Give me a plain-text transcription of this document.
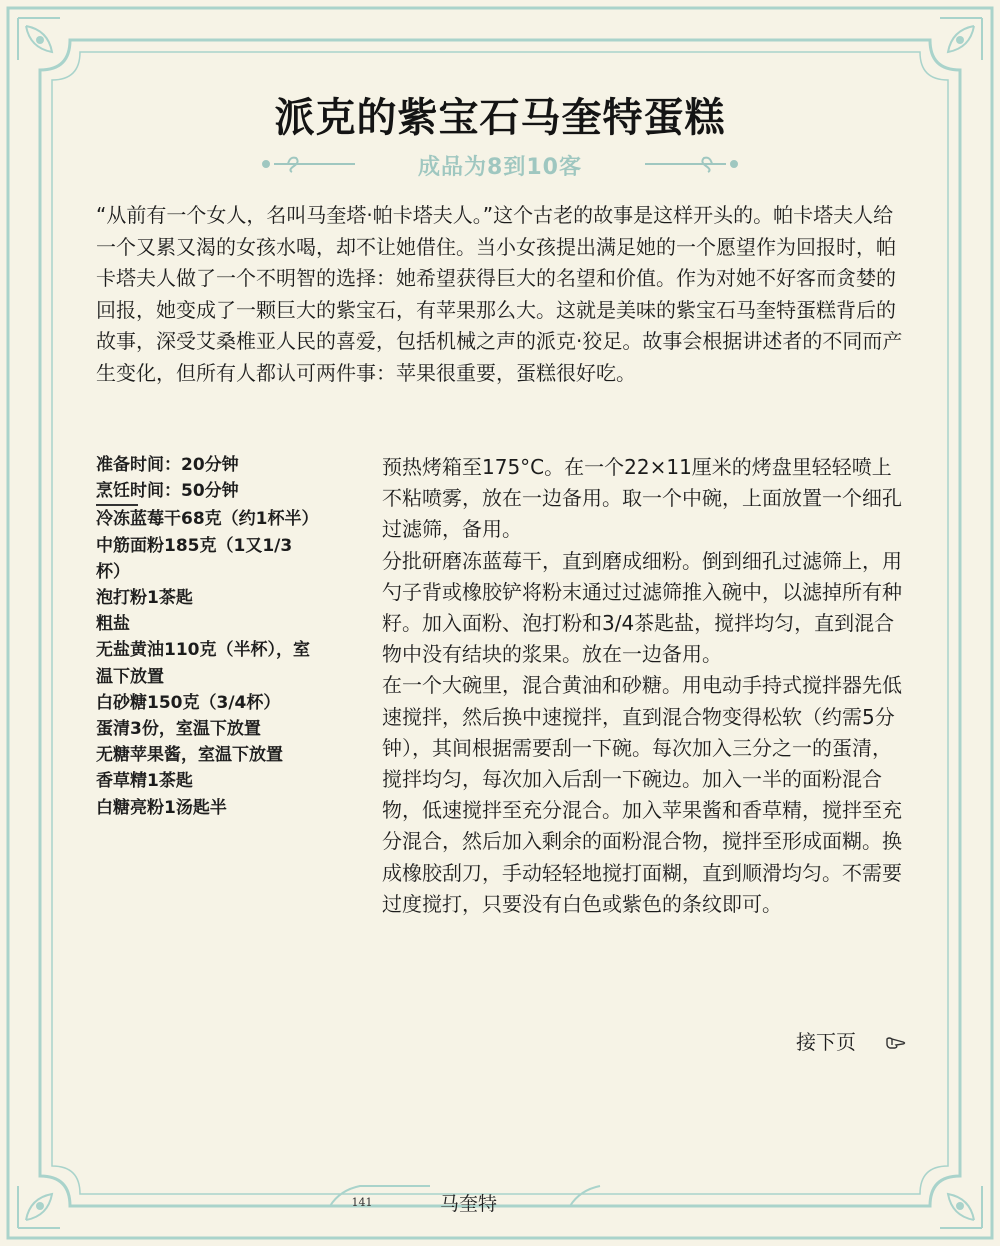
派克的紫宝石马奎特蛋糕
成品为8到10客

“从前有一个女人，名叫马奎塔·帕卡塔夫人。”这个古老的故事是这样开头的。帕卡塔夫人给一个又累又渴的女孩水喝，却不让她借住。当小女孩提出满足她的一个愿望作为回报时，帕卡塔夫人做了一个不明智的选择：她希望获得巨大的名望和价值。作为对她不好客而贪婪的回报，她变成了一颗巨大的紫宝石，有苹果那么大。这就是美味的紫宝石马奎特蛋糕背后的故事，深受艾桑椎亚人民的喜爱，包括机械之声的派克·狡足。故事会根据讲述者的不同而产生变化，但所有人都认可两件事：苹果很重要，蛋糕很好吃。

准备时间：20分钟
烹饪时间：50分钟
冷冻蓝莓干68克（约1杯半）
中筋面粉185克（1又1/3杯）
泡打粉1茶匙
粗盐
无盐黄油110克（半杯），室温下放置
白砂糖150克（3/4杯）
蛋清3份，室温下放置
无糖苹果酱，室温下放置
香草精1茶匙
白糖亮粉1汤匙半

预热烤箱至175°C。在一个22×11厘米的烤盘里轻轻喷上不粘喷雾，放在一边备用。取一个中碗，上面放置一个细孔过滤筛，备用。

分批研磨冻蓝莓干，直到磨成细粉。倒到细孔过滤筛上，用勺子背或橡胶铲将粉末通过过滤筛推入碗中，以滤掉所有种籽。加入面粉、泡打粉和3/4茶匙盐，搅拌均匀，直到混合物中没有结块的浆果。放在一边备用。

在一个大碗里，混合黄油和砂糖。用电动手持式搅拌器先低速搅拌，然后换中速搅拌，直到混合物变得松软（约需5分钟），其间根据需要刮一下碗。每次加入三分之一的蛋清，搅拌均匀，每次加入后刮一下碗边。加入一半的面粉混合物，低速搅拌至充分混合。加入苹果酱和香草精，搅拌至充分混合，然后加入剩余的面粉混合物，搅拌至形成面糊。换成橡胶刮刀，手动轻轻地搅打面糊，直到顺滑均匀。不需要过度搅打，只要没有白色或紫色的条纹即可。

接下页
141	马奎特
